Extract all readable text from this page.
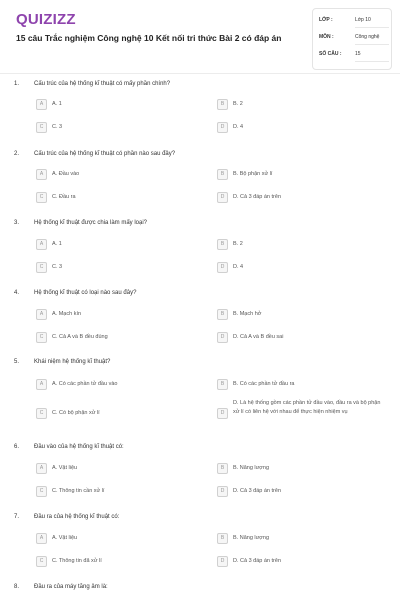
QUIZIZZ
15 câu Trắc nghiệm Công nghệ 10 Kết nối tri thức Bài 2 có đáp án
LỚP :	Lớp 10
MÔN :	Công nghệ
SỐ CÂU :	15
1. Cấu trúc của hệ thống kĩ thuật có mấy phần chính?
A	A. 1	B	B. 2
C	C. 3	D	D. 4
2. Cấu trúc của hệ thống kĩ thuật có phần nào sau đây?
A	A. Đầu vào	B	B. Bộ phận xử lí
C	C. Đầu ra	D	D. Cả 3 đáp án trên
3. Hệ thống kĩ thuật được chia làm mấy loại?
A	A. 1	B	B. 2
C	C. 3	D	D. 4
4. Hệ thống kĩ thuật có loại nào sau đây?
A	A. Mạch kín	B	B. Mạch hở
C	C. Cả A và B đều đúng	D	D. Cả A và B đều sai
5. Khái niệm hệ thống kĩ thuật?
A	A. Có các phần tử đầu vào	B	B. Có các phần tử đầu ra
C	C. Có bộ phận xử lí	D
D. Là hệ thống gồm các phần tử đầu vào, đầu ra và bộ phận xử lí có liên hệ với nhau để thực hiện nhiệm vụ
6. Đầu vào của hệ thống kĩ thuật có:
A	A. Vật liệu	B	B. Năng lượng
C	C. Thông tin cần xử lí	D	D. Cả 3 đáp án trên
7. Đầu ra của hệ thống kĩ thuật có:
A	A. Vật liệu	B	B. Năng lượng
C	C. Thông tin đã xử lí	D	D. Cả 3 đáp án trên
8. Đầu ra của máy tăng âm là:
